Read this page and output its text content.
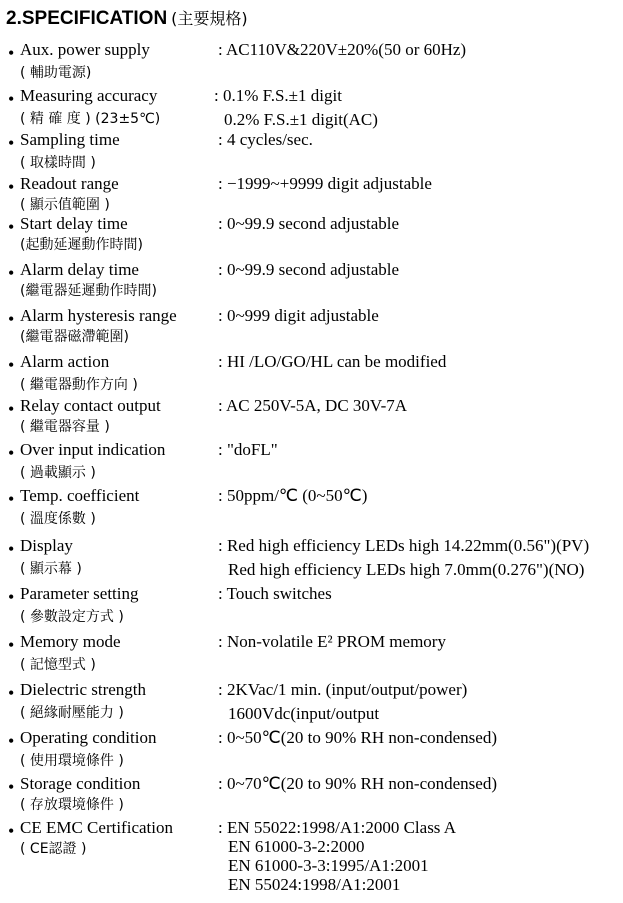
2.SPECIFICATION (主要規格)
• Aux. power supply
( 輔助電源)
: AC110V&220V±20%(50 or 60Hz)
• Measuring accuracy
( 精 確 度 ) (23±5℃)
: 0.1% F.S.±1 digit
0.2% F.S.±1 digit(AC)
• Sampling time
( 取樣時間 )
: 4 cycles/sec.
• Readout range
( 顯示值範圍 )
: −1999~+9999 digit adjustable
• Start delay time
(起動延遲動作時間)
: 0~99.9 second adjustable
• Alarm delay time
(繼電器延遲動作時間)
: 0~99.9 second adjustable
• Alarm hysteresis range
(繼電器磁滯範圍)
: 0~999 digit adjustable
• Alarm action
( 繼電器動作方向 )
: HI /LO/GO/HL can be modified
• Relay contact output
( 繼電器容量 )
: AC 250V-5A, DC 30V-7A
• Over input indication
( 過載顯示 )
: "doFL"
• Temp. coefficient
( 溫度係數 )
: 50ppm/℃ (0~50℃)
• Display
( 顯示幕 )
: Red high efficiency LEDs high 14.22mm(0.56")(PV)
Red high efficiency LEDs high 7.0mm(0.276")(NO)
• Parameter setting
( 參數設定方式 )
: Touch switches
• Memory mode
( 記憶型式 )
: Non-volatile E² PROM memory
• Dielectric strength
( 絕緣耐壓能力 )
: 2KVac/1 min. (input/output/power)
1600Vdc(input/output
• Operating condition
( 使用環境條件 )
: 0~50℃(20 to 90% RH non-condensed)
• Storage condition
( 存放環境條件 )
: 0~70℃(20 to 90% RH non-condensed)
• CE EMC Certification
( CE認證 )
: EN 55022:1998/A1:2000 Class A
EN 61000-3-2:2000
EN 61000-3-3:1995/A1:2001
EN 55024:1998/A1:2001
